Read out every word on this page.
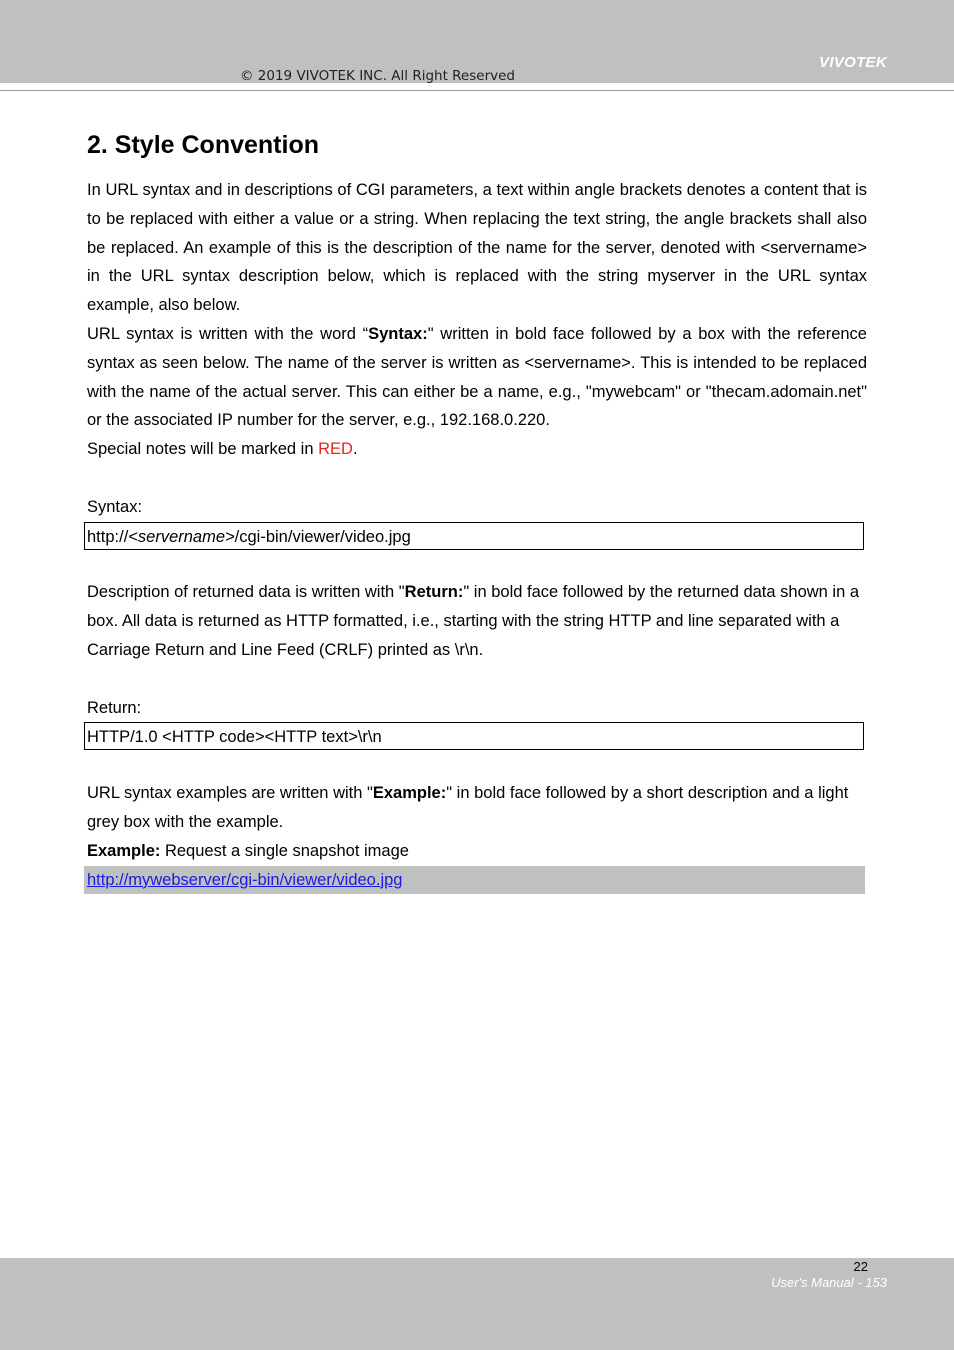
VIVOTEK
© 2019 VIVOTEK INC. All Right Reserved
2. Style Convention

In URL syntax and in descriptions of CGI parameters, a text within angle brackets denotes a content that is to be replaced with either a value or a string. When replacing the text string, the angle brackets shall also be replaced. An example of this is the description of the name for the server, denoted with <servername> in the URL syntax description below, which is replaced with the string myserver in the URL syntax example, also below.

URL syntax is written with the word “Syntax:" written in bold face followed by a box with the reference syntax as seen below. The name of the server is written as <servername>. This is intended to be replaced with the name of the actual server. This can either be a name, e.g., "mywebcam" or "thecam.adomain.net" or the associated IP number for the server, e.g., 192.168.0.220.

Special notes will be marked in RED.

Syntax:

http://<servername>/cgi-bin/viewer/video.jpg

Description of returned data is written with "Return:" in bold face followed by the returned data shown in a box. All data is returned as HTTP formatted, i.e., starting with the string HTTP and line separated with a Carriage Return and Line Feed (CRLF) printed as \r\n.

Return:

HTTP/1.0 <HTTP code><HTTP text>\r\n

URL syntax examples are written with "Example:" in bold face followed by a short description and a light grey box with the example.

Example: Request a single snapshot image

http://mywebserver/cgi-bin/viewer/video.jpg
22
User's Manual - 153
